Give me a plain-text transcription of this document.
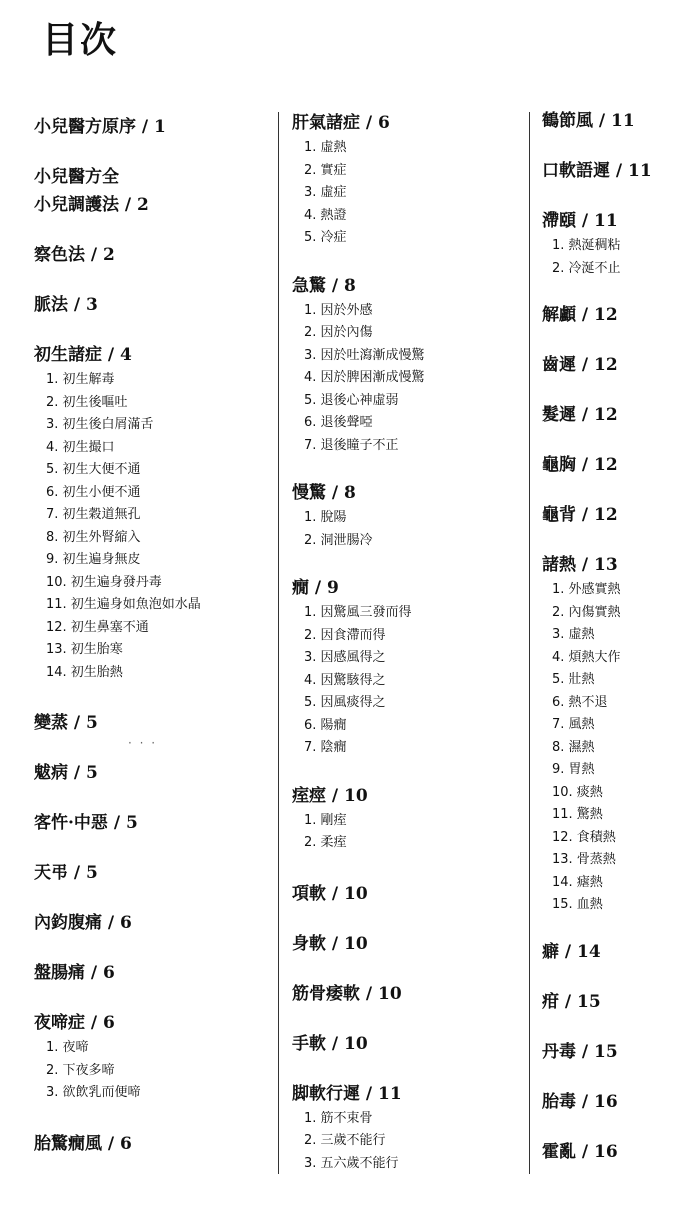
目次
小兒醫方原序 / 1
小兒醫方全
小兒調護法 / 2
察色法 / 2
脈法 / 3
初生諸症 / 4
1. 初生解毒
2. 初生後嘔吐
3. 初生後白屑滿舌
4. 初生撮口
5. 初生大便不通
6. 初生小便不通
7. 初生穀道無孔
8. 初生外腎縮入
9. 初生遍身無皮
10. 初生遍身發丹毒
11. 初生遍身如魚泡如水晶
12. 初生鼻塞不通
13. 初生胎寒
14. 初生胎熱
變蒸 / 5
魃病 / 5
客忤·中惡 / 5
天弔 / 5
內鈞腹痛 / 6
盤腸痛 / 6
夜啼症 / 6
1. 夜啼
2. 下夜多啼
3. 欲飲乳而便啼
胎驚癇風 / 6
肝氣諸症 / 6
1. 虛熱
2. 實症
3. 虛症
4. 熱證
5. 冷症
急驚 / 8
1. 因於外感
2. 因於內傷
3. 因於吐瀉漸成慢驚
4. 因於脾困漸成慢驚
5. 退後心神虛弱
6. 退後聲啞
7. 退後瞳子不正
慢驚 / 8
1. 脫陽
2. 洞泄腸冷
癇 / 9
1. 因驚風三發而得
2. 因食滯而得
3. 因感風得之
4. 因驚駭得之
5. 因風痰得之
6. 陽癇
7. 陰癇
痓痙 / 10
1. 剛痓
2. 柔痓
項軟 / 10
身軟 / 10
筋骨痿軟 / 10
手軟 / 10
脚軟行遲 / 11
1. 筋不束骨
2. 三歲不能行
3. 五六歲不能行
鶴節風 / 11
口軟語遲 / 11
滯頤 / 11
1. 熱涎稠粘
2. 冷涎不止
解顱 / 12
齒遲 / 12
髮遲 / 12
龜胸 / 12
龜背 / 12
諸熱 / 13
1. 外感實熱
2. 內傷實熱
3. 虛熱
4. 煩熱大作
5. 壯熱
6. 熱不退
7. 風熱
8. 濕熱
9. 胃熱
10. 痰熱
11. 驚熱
12. 食積熱
13. 骨蒸熱
14. 瘧熱
15. 血熱
癖 / 14
疳 / 15
丹毒 / 15
胎毒 / 16
霍亂 / 16
· · ·
